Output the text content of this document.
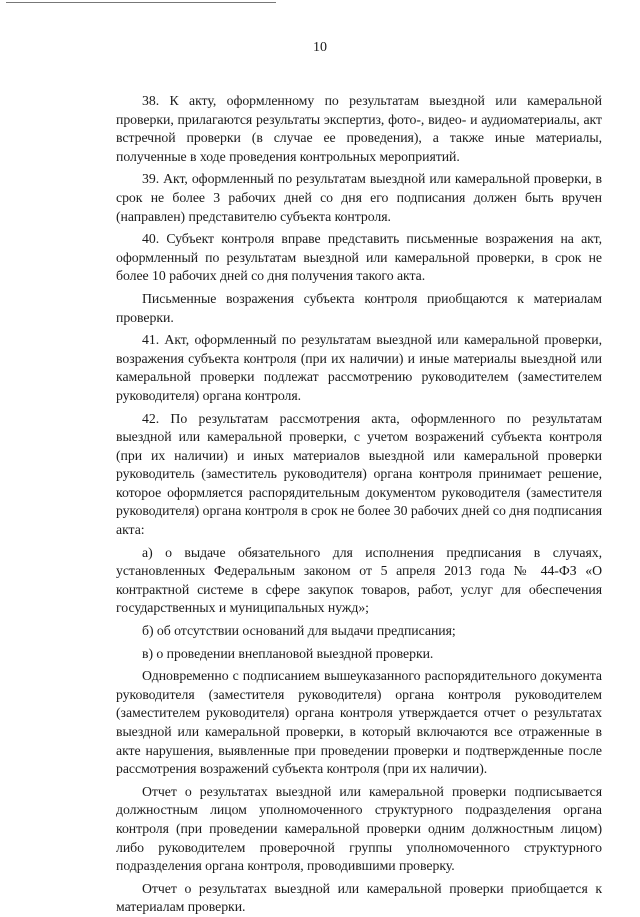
10

38. К акту, оформленному по результатам выездной или камеральной проверки, прилагаются результаты экспертиз, фото-, видео- и аудиоматериалы, акт встречной проверки (в случае ее проведения), а также иные материалы, полученные в ходе проведения контрольных мероприятий.

39. Акт, оформленный по результатам выездной или камеральной проверки, в срок не более 3 рабочих дней со дня его подписания должен быть вручен (направлен) представителю субъекта контроля.

40. Субъект контроля вправе представить письменные возражения на акт, оформленный по результатам выездной или камеральной проверки, в срок не более 10 рабочих дней со дня получения такого акта.

Письменные возражения субъекта контроля приобщаются к материалам проверки.

41. Акт, оформленный по результатам выездной или камеральной проверки, возражения субъекта контроля (при их наличии) и иные материалы выездной или камеральной проверки подлежат рассмотрению руководителем (заместителем руководителя) органа контроля.

42. По результатам рассмотрения акта, оформленного по результатам выездной или камеральной проверки, с учетом возражений субъекта контроля (при их наличии) и иных материалов выездной или камеральной проверки руководитель (заместитель руководителя) органа контроля принимает решение, которое оформляется распорядительным документом руководителя (заместителя руководителя) органа контроля в срок не более 30 рабочих дней со дня подписания акта:

а) о выдаче обязательного для исполнения предписания в случаях, установленных Федеральным законом от 5 апреля 2013 года № 44-ФЗ «О контрактной системе в сфере закупок товаров, работ, услуг для обеспечения государственных и муниципальных нужд»;

б) об отсутствии оснований для выдачи предписания;

в) о проведении внеплановой выездной проверки.

Одновременно с подписанием вышеуказанного распорядительного документа руководителя (заместителя руководителя) органа контроля руководителем (заместителем руководителя) органа контроля утверждается отчет о результатах выездной или камеральной проверки, в который включаются все отраженные в акте нарушения, выявленные при проведении проверки и подтвержденные после рассмотрения возражений субъекта контроля (при их наличии).

Отчет о результатах выездной или камеральной проверки подписывается должностным лицом уполномоченного структурного подразделения органа контроля (при проведении камеральной проверки одним должностным лицом) либо руководителем проверочной группы уполномоченного структурного подразделения органа контроля, проводившими проверку.

Отчет о результатах выездной или камеральной проверки приобщается к материалам проверки.
